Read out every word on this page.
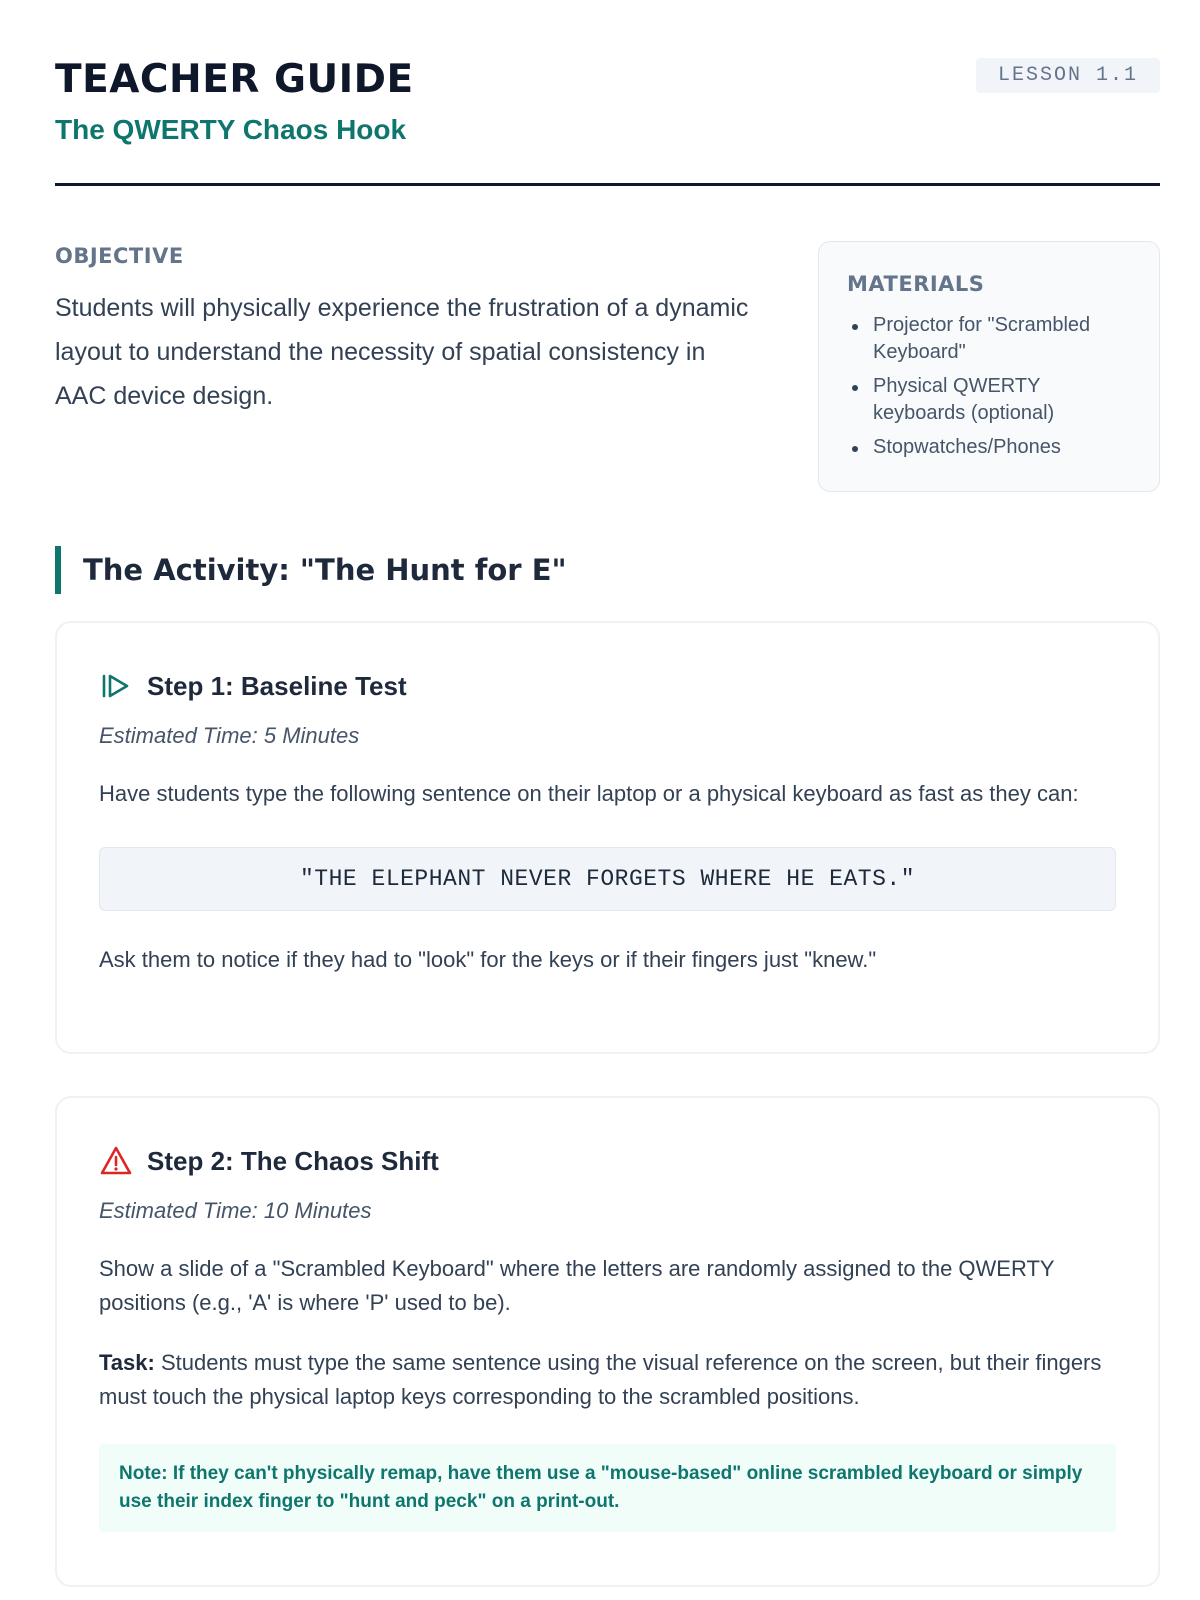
TEACHER GUIDE
The QWERTY Chaos Hook
LESSON 1.1
OBJECTIVE

Students will physically experience the frustration of a dynamic layout to understand the necessity of spatial consistency in AAC device design.

MATERIALS
Projector for "Scrambled Keyboard"
Physical QWERTY keyboards (optional)
Stopwatches/Phones
The Activity: "The Hunt for E"
Step 1: Baseline Test
Estimated Time: 5 Minutes

Have students type the following sentence on their laptop or a physical keyboard as fast as they can:

"THE ELEPHANT NEVER FORGETS WHERE HE EATS."

Ask them to notice if they had to "look" for the keys or if their fingers just "knew."

Step 2: The Chaos Shift
Estimated Time: 10 Minutes

Show a slide of a "Scrambled Keyboard" where the letters are randomly assigned to the QWERTY positions (e.g., 'A' is where 'P' used to be).

Task: Students must type the same sentence using the visual reference on the screen, but their fingers must touch the physical laptop keys corresponding to the scrambled positions.

Note: If they can't physically remap, have them use a "mouse-based" online scrambled keyboard or simply use their index finger to "hunt and peck" on a print-out.
